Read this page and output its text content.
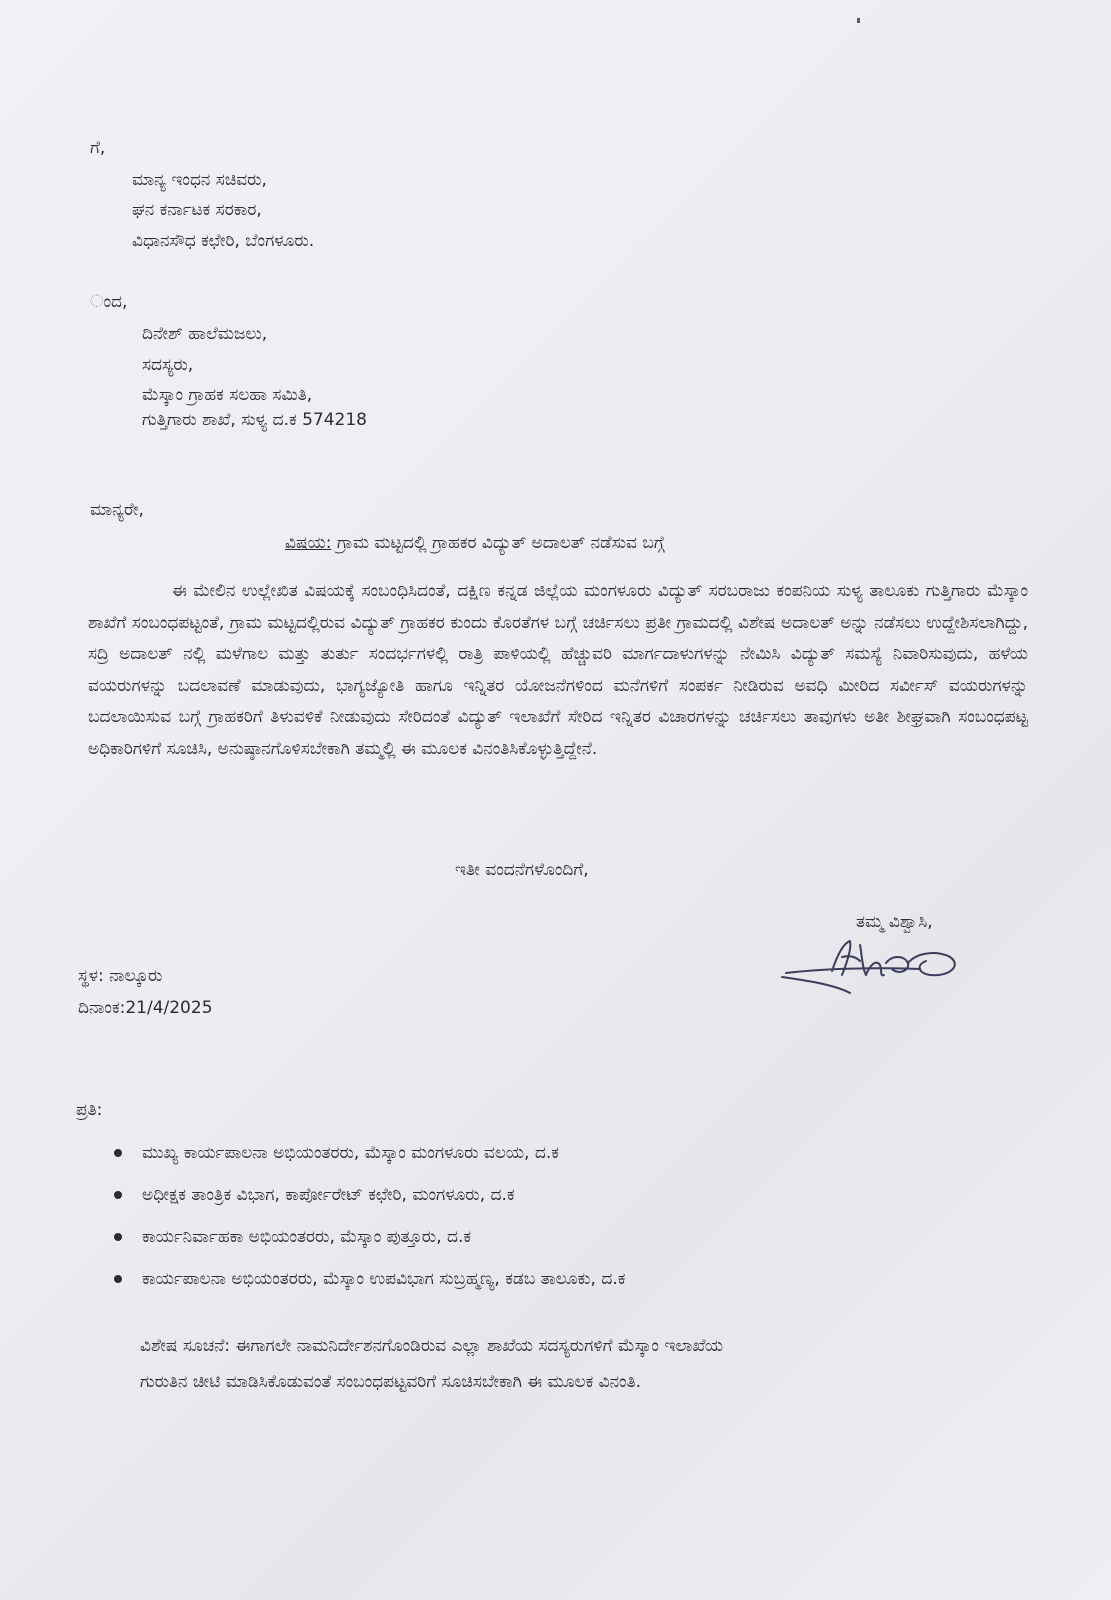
ಗೆ,
ಮಾನ್ಯ ಇಂಧನ ಸಚಿವರು,
ಘನ ಕರ್ನಾಟಕ ಸರಕಾರ,
ವಿಧಾನಸೌಧ ಕಛೇರಿ, ಬೆಂಗಳೂರು.
ಂದ,
ದಿನೇಶ್ ಹಾಲೆಮಜಲು,
ಸದಸ್ಯರು,
ಮೆಸ್ಕಾಂ ಗ್ರಾಹಕ ಸಲಹಾ ಸಮಿತಿ,
ಗುತ್ತಿಗಾರು ಶಾಖೆ, ಸುಳ್ಯ ದ.ಕ 574218
ಮಾನ್ಯರೇ,
ವಿಷಯ: ಗ್ರಾಮ ಮಟ್ಟದಲ್ಲಿ ಗ್ರಾಹಕರ ವಿದ್ಯುತ್ ಅದಾಲತ್ ನಡೆಸುವ ಬಗ್ಗೆ
ಈ ಮೇಲಿನ ಉಲ್ಲೇಖಿತ ವಿಷಯಕ್ಕೆ ಸಂಬಂಧಿಸಿದಂತೆ, ದಕ್ಷಿಣ ಕನ್ನಡ ಜಿಲ್ಲೆಯ ಮಂಗಳೂರು ವಿದ್ಯುತ್ ಸರಬರಾಜು ಕಂಪನಿಯ ಸುಳ್ಯ ತಾಲೂಕು ಗುತ್ತಿಗಾರು ಮೆಸ್ಕಾಂ ಶಾಖೆಗೆ ಸಂಬಂಧಪಟ್ಟಂತೆ, ಗ್ರಾಮ ಮಟ್ಟದಲ್ಲಿರುವ ವಿದ್ಯುತ್ ಗ್ರಾಹಕರ ಕುಂದು ಕೊರತೆಗಳ ಬಗ್ಗೆ ಚರ್ಚಿಸಲು ಪ್ರತೀ ಗ್ರಾಮದಲ್ಲಿ ವಿಶೇಷ ಅದಾಲತ್ ಅನ್ನು ನಡೆಸಲು ಉದ್ದೇಶಿಸಲಾಗಿದ್ದು, ಸದ್ರಿ ಅದಾಲತ್ ನಲ್ಲಿ ಮಳೆಗಾಲ ಮತ್ತು ತುರ್ತು ಸಂದರ್ಭಗಳಲ್ಲಿ ರಾತ್ರಿ ಪಾಳಿಯಲ್ಲಿ ಹೆಚ್ಚುವರಿ ಮಾರ್ಗದಾಳುಗಳನ್ನು ನೇಮಿಸಿ ವಿದ್ಯುತ್ ಸಮಸ್ಯೆ ನಿವಾರಿಸುವುದು, ಹಳೆಯ ವಯರುಗಳನ್ನು ಬದಲಾವಣೆ ಮಾಡುವುದು, ಭಾಗ್ಯಜ್ಯೋತಿ ಹಾಗೂ ಇನ್ನಿತರ ಯೋಜನೆಗಳಿಂದ ಮನೆಗಳಿಗೆ ಸಂಪರ್ಕ ನೀಡಿರುವ ಅವಧಿ ಮೀರಿದ ಸರ್ವೀಸ್ ವಯರುಗಳನ್ನು ಬದಲಾಯಿಸುವ ಬಗ್ಗೆ ಗ್ರಾಹಕರಿಗೆ ತಿಳುವಳಿಕೆ ನೀಡುವುದು ಸೇರಿದಂತೆ ವಿದ್ಯುತ್ ಇಲಾಖೆಗೆ ಸೇರಿದ ಇನ್ನಿತರ ವಿಚಾರಗಳನ್ನು ಚರ್ಚಿಸಲು ತಾವುಗಳು ಅತೀ ಶೀಘ್ರವಾಗಿ ಸಂಬಂಧಪಟ್ಟ ಅಧಿಕಾರಿಗಳಿಗೆ ಸೂಚಿಸಿ, ಅನುಷ್ಠಾನಗೊಳಿಸಬೇಕಾಗಿ ತಮ್ಮಲ್ಲಿ ಈ ಮೂಲಕ ವಿನಂತಿಸಿಕೊಳ್ಳುತ್ತಿದ್ದೇನೆ.
ಇತೀ ವಂದನೆಗಳೊಂದಿಗೆ,
ತಮ್ಮ ವಿಶ್ವಾಸಿ,
ಸ್ಥಳ: ನಾಲ್ಕೂರು
ದಿನಾಂಕ:21/4/2025
ಪ್ರತಿ:
ಮುಖ್ಯ ಕಾರ್ಯಪಾಲನಾ ಅಭಿಯಂತರರು, ಮೆಸ್ಕಾಂ ಮಂಗಳೂರು ವಲಯ, ದ.ಕ
ಅಧೀಕ್ಷಕ ತಾಂತ್ರಿಕ ವಿಭಾಗ, ಕಾರ್ಪೋರೇಟ್ ಕಛೇರಿ, ಮಂಗಳೂರು, ದ.ಕ
ಕಾರ್ಯನಿರ್ವಾಹಕಾ ಅಭಿಯಂತರರು, ಮೆಸ್ಕಾಂ ಪುತ್ತೂರು, ದ.ಕ
ಕಾರ್ಯಪಾಲನಾ ಅಭಿಯಂತರರು, ಮೆಸ್ಕಾಂ ಉಪವಿಭಾಗ ಸುಬ್ರಹ್ಮಣ್ಯ, ಕಡಬ ತಾಲೂಕು, ದ.ಕ
ವಿಶೇಷ ಸೂಚನೆ: ಈಗಾಗಲೇ ನಾಮನಿರ್ದೇಶನಗೊಂಡಿರುವ ಎಲ್ಲಾ ಶಾಖೆಯ ಸದಸ್ಯರುಗಳಿಗೆ ಮೆಸ್ಕಾಂ ಇಲಾಖೆಯ
ಗುರುತಿನ ಚೀಟಿ ಮಾಡಿಸಿಕೊಡುವಂತೆ ಸಂಬಂಧಪಟ್ಟವರಿಗೆ ಸೂಚಿಸಬೇಕಾಗಿ ಈ ಮೂಲಕ ವಿನಂತಿ.
